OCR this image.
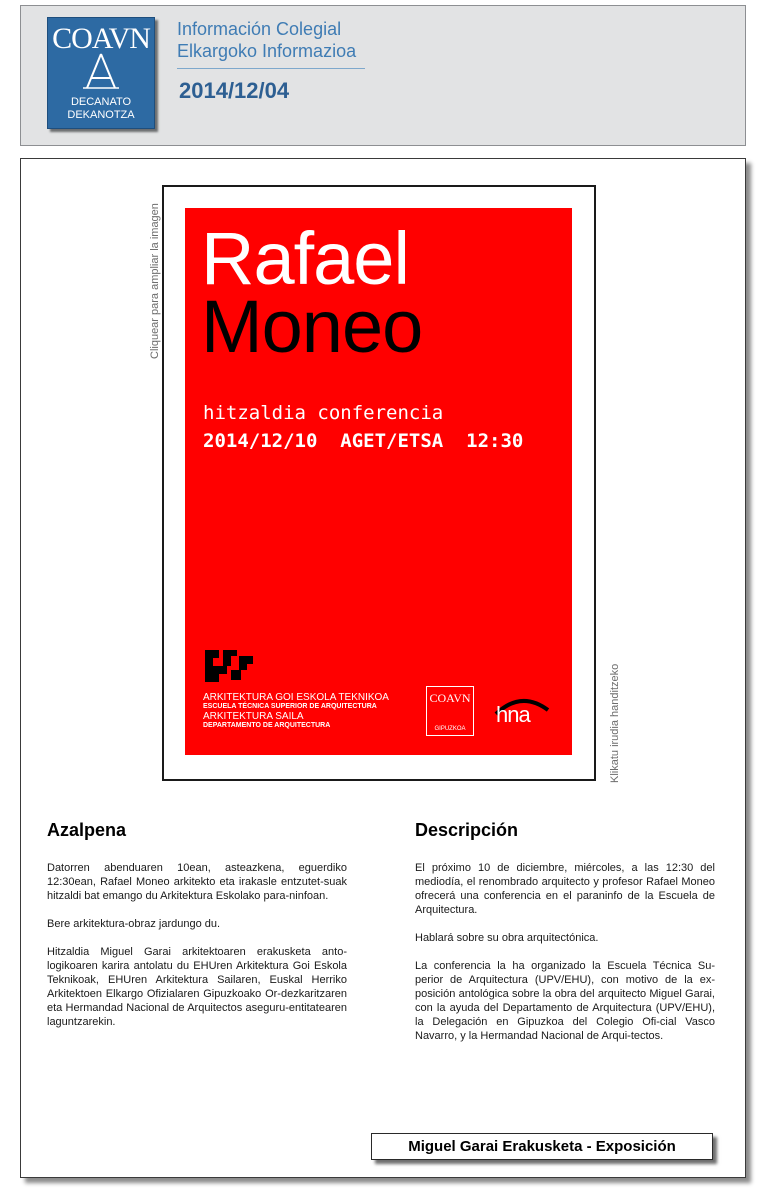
COAVN
DECANATO
DEKANOTZA
Información Colegial
Elkargoko Informazioa
2014/12/04
Cliquear para ampliar la imagen
Klikatu irudia handitzeko
Rafael
Moneo
hitzaldia conferencia
2014/12/10 AGET/ETSA 12:30
ARKITEKTURA GOI ESKOLA TEKNIKOA
ESCUELA TÉCNICA SUPERIOR DE ARQUITECTURA
ARKITEKTURA SAILA
DEPARTAMENTO DE ARQUITECTURA
COAVN
GIPUZKOA
hna
Azalpena

Datorren abenduaren 10ean, asteazkena, eguerdiko 12:30ean, Rafael Moneo arkitekto eta irakasle entzutet-suak hitzaldi bat emango du Arkitektura Eskolako para-ninfoan.

Bere arkitektura-obraz jardungo du.

Hitzaldia Miguel Garai arkitektoaren erakusketa anto-logikoaren karira antolatu du EHUren Arkitektura Goi Eskola Teknikoak, EHUren Arkitektura Sailaren, Euskal Herriko Arkitektoen Elkargo Ofizialaren Gipuzkoako Or-dezkaritzaren eta Hermandad Nacional de Arquitectos aseguru-entitatearen laguntzarekin.

Descripción

El próximo 10 de diciembre, miércoles, a las 12:30 del mediodía, el renombrado arquitecto y profesor Rafael Moneo ofrecerá una conferencia en el paraninfo de la Escuela de Arquitectura.

Hablará sobre su obra arquitectónica.

La conferencia la ha organizado la Escuela Técnica Su-perior de Arquitectura (UPV/EHU), con motivo de la ex-posición antológica sobre la obra del arquitecto Miguel Garai, con la ayuda del Departamento de Arquitectura (UPV/EHU), la Delegación en Gipuzkoa del Colegio Ofi-cial Vasco Navarro, y la Hermandad Nacional de Arqui-tectos.

Miguel Garai Erakusketa - Exposición
